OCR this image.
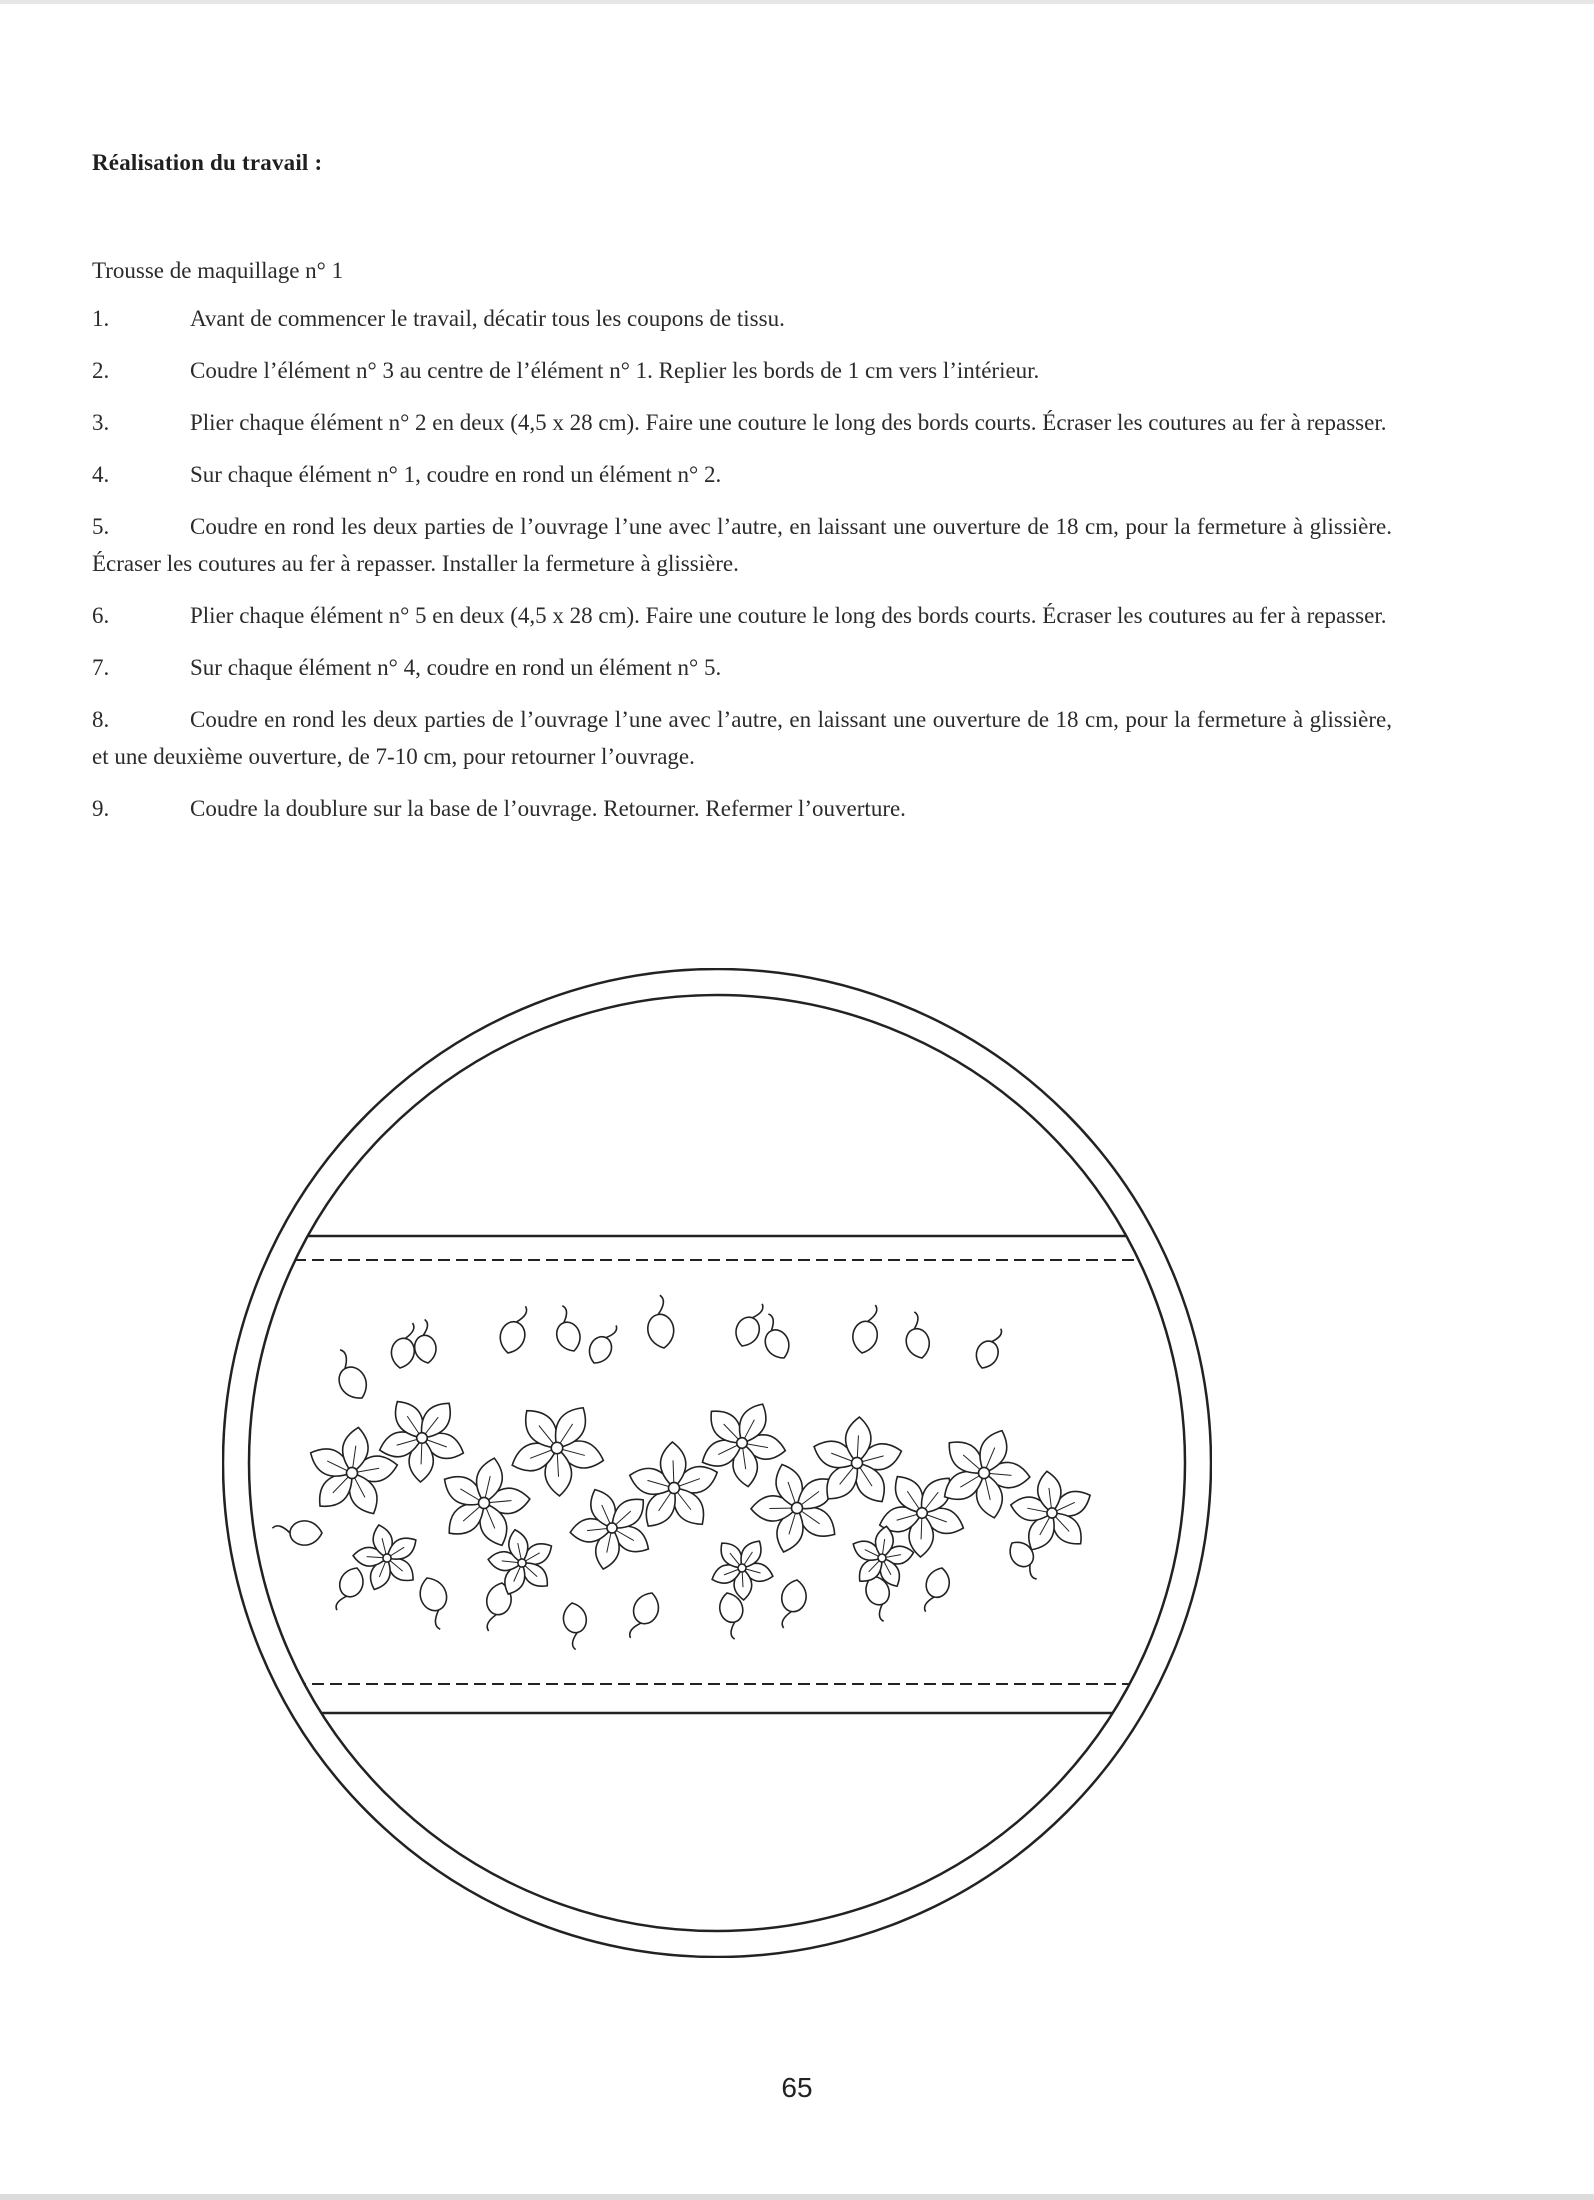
Réalisation du travail :

Trousse de maquillage n° 1

1.	Avant de commencer le travail, décatir tous les coupons de tissu.
2.	Coudre l’élément n° 3 au centre de l’élément n° 1. Replier les bords de 1 cm vers l’intérieur.
3.	Plier chaque élément n° 2 en deux (4,5 x 28 cm). Faire une couture le long des bords courts. Écraser les coutures au fer à repasser.
4.	Sur chaque élément n° 1, coudre en rond un élément n° 2.
5.	Coudre en rond les deux parties de l’ouvrage l’une avec l’autre, en laissant une ouverture de 18 cm, pour la fermeture à glissière. Écraser les coutures au fer à repasser. Installer la fermeture à glissière.
6.	Plier chaque élément n° 5 en deux (4,5 x 28 cm). Faire une couture le long des bords courts. Écraser les coutures au fer à repasser.
7.	Sur chaque élément n° 4, coudre en rond un élément n° 5.
8.	Coudre en rond les deux parties de l’ouvrage l’une avec l’autre, en laissant une ouverture de 18 cm, pour la fermeture à glissière, et une deuxième ouverture, de 7-10 cm, pour retourner l’ouvrage.
9.	Coudre la doublure sur la base de l’ouvrage. Retourner. Refermer l’ouverture.
65
